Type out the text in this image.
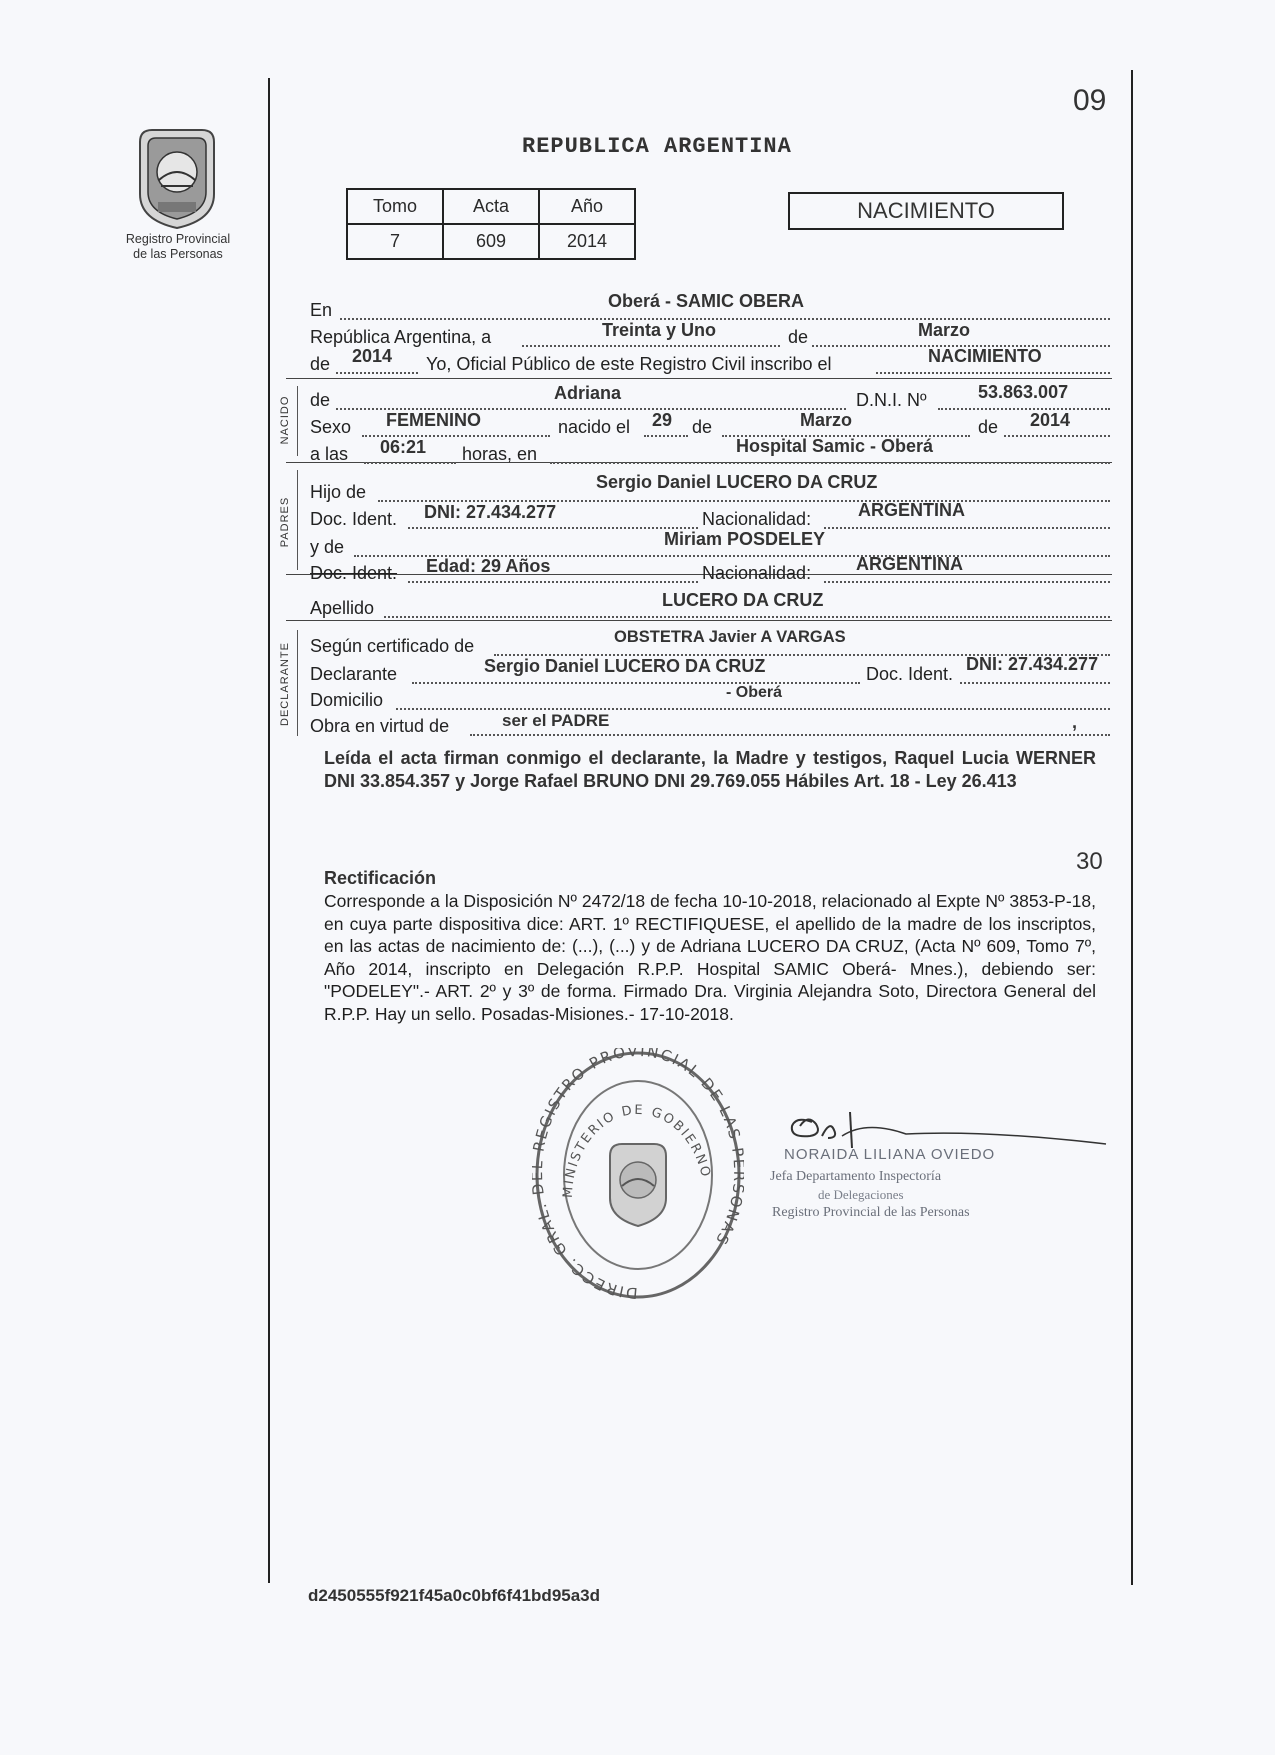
09
Registro Provincial
de las Personas
REPUBLICA ARGENTINA
Tomo	Acta	Año
7	609	2014
NACIMIENTO
NACIDO
PADRES
DECLARANTE
En	Oberá - SAMIC OBERA
República Argentina, a	Treinta y Uno	de	Marzo
de 2014 Yo, Oficial Público de este Registro Civil inscribo el	NACIMIENTO
de	Adriana	D.N.I. Nº	53.863.007
Sexo FEMENINO	nacido el 29 de	Marzo	de 2014
a las 06:21 horas, en	Hospital Samic - Oberá
Hijo de	Sergio Daniel LUCERO DA CRUZ
Doc. Ident. DNI: 27.434.277	Nacionalidad:	ARGENTINA
y de	Miriam POSDELEY
Doc. Ident. Edad: 29 Años	Nacionalidad: ARGENTINA
Apellido	LUCERO DA CRUZ
Según certificado de	OBSTETRA Javier A VARGAS
Declarante	Sergio Daniel LUCERO DA CRUZ	Doc. Ident. DNI: 27.434.277
Domicilio	- Oberá
Obra en virtud de	ser el PADRE	,
Leída el acta firman conmigo el declarante, la Madre y testigos, Raquel Lucia WERNER DNI 33.854.357 y Jorge Rafael BRUNO DNI 29.769.055 Hábiles Art. 18 - Ley 26.413
30
Rectificación
Corresponde a la Disposición Nº 2472/18 de fecha 10-10-2018, relacionado al Expte Nº 3853-P-18, en cuya parte dispositiva dice: ART. 1º RECTIFIQUESE, el apellido de la madre de los inscriptos, en las actas de nacimiento de: (...), (...) y de Adriana LUCERO DA CRUZ, (Acta Nº 609, Tomo 7º, Año 2014, inscripto en Delegación R.P.P. Hospital SAMIC Oberá- Mnes.), debiendo ser: "PODELEY".- ART. 2º y 3º de forma. Firmado Dra. Virginia Alejandra Soto, Directora General del R.P.P. Hay un sello. Posadas-Misiones.- 17-10-2018.
DIRECC. GRAL. EGISTRO PROVINCIAL DE LAS NAS
MINISTERIO DE GOBIERNO
NORAIDA LILIANA OVIEDO
Jefa Departamento Inspectoría
de Delegaciones
Registro Provincial de las Personas
d2450555f921f45a0c0bf6f41bd95a3d
